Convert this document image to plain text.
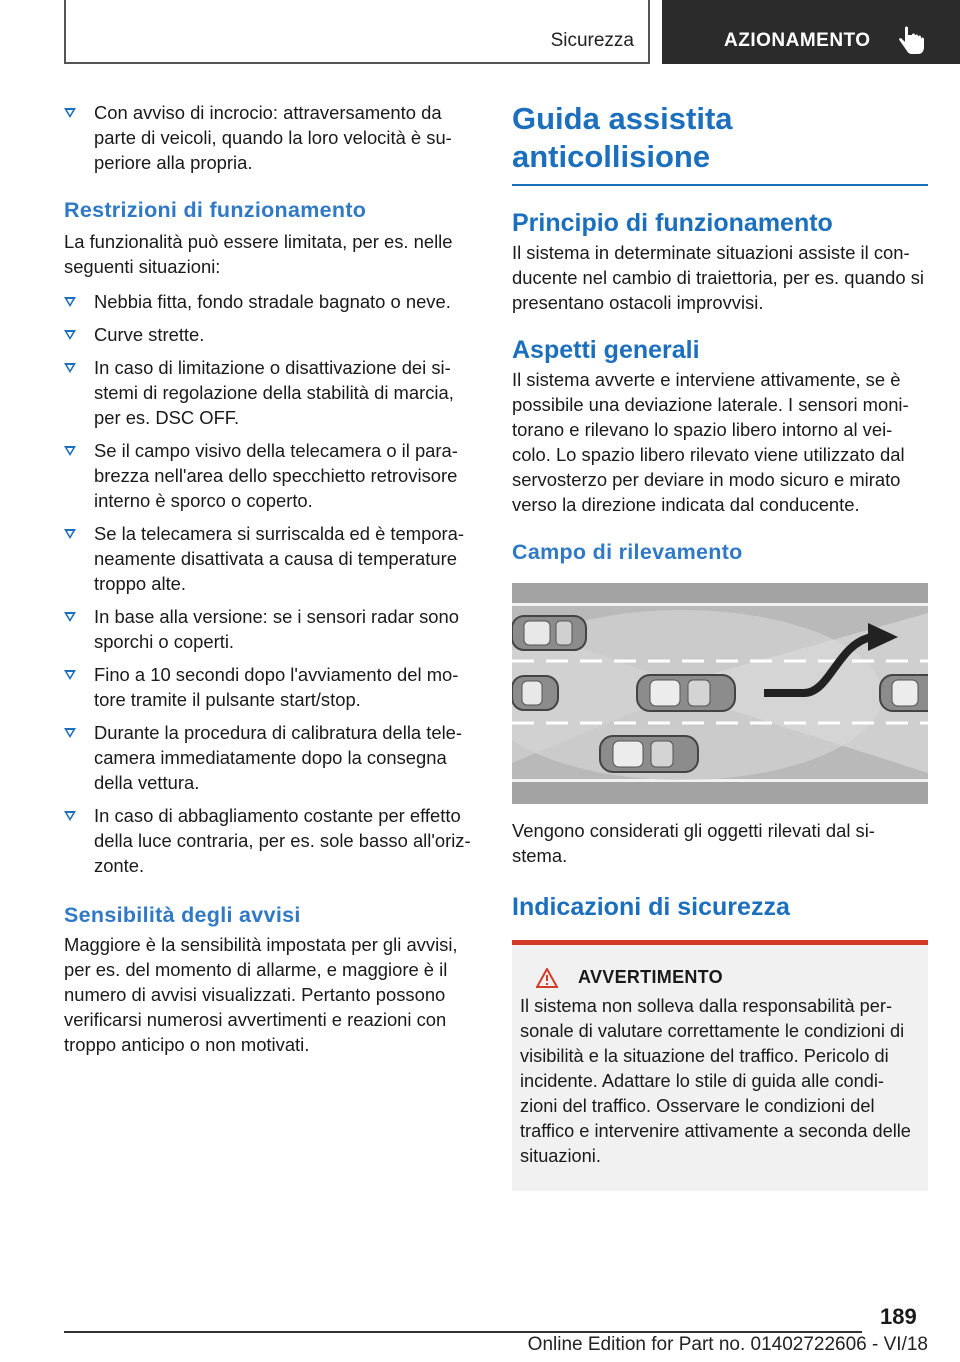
Sicurezza	AZIONAMENTO
Con avviso di incrocio: attraversamento da parte di veicoli, quando la loro velocità è su-periore alla propria.
Restrizioni di funzionamento

La funzionalità può essere limitata, per es. nelle seguenti situazioni:

Nebbia fitta, fondo stradale bagnato o neve.
Curve strette.
In caso di limitazione o disattivazione dei si-stemi di regolazione della stabilità di marcia, per es. DSC OFF.
Se il campo visivo della telecamera o il para-brezza nell'area dello specchietto retrovisore interno è sporco o coperto.
Se la telecamera si surriscalda ed è tempora-neamente disattivata a causa di temperature troppo alte.
In base alla versione: se i sensori radar sono sporchi o coperti.
Fino a 10 secondi dopo l'avviamento del mo-tore tramite il pulsante start/stop.
Durante la procedura di calibratura della tele-camera immediatamente dopo la consegna della vettura.
In caso di abbagliamento costante per effetto della luce contraria, per es. sole basso all'oriz-zonte.
Sensibilità degli avvisi

Maggiore è la sensibilità impostata per gli avvisi, per es. del momento di allarme, e maggiore è il numero di avvisi visualizzati. Pertanto possono verificarsi numerosi avvertimenti e reazioni con troppo anticipo o non motivati.

Guida assistita
anticollisione
Principio di funzionamento

Il sistema in determinate situazioni assiste il con-ducente nel cambio di traiettoria, per es. quando si presentano ostacoli improvvisi.

Aspetti generali

Il sistema avverte e interviene attivamente, se è possibile una deviazione laterale. I sensori moni-torano e rilevano lo spazio libero intorno al vei-colo. Lo spazio libero rilevato viene utilizzato dal servosterzo per deviare in modo sicuro e mirato verso la direzione indicata dal conducente.

Campo di rilevamento

Vengono considerati gli oggetti rilevati dal si-stema.

Indicazioni di sicurezza
AVVERTIMENTO

Il sistema non solleva dalla responsabilità per-sonale di valutare correttamente le condizioni di visibilità e la situazione del traffico. Pericolo di incidente. Adattare lo stile di guida alle condi-zioni del traffico. Osservare le condizioni del traffico e intervenire attivamente a seconda delle situazioni.

189
Online Edition for Part no. 01402722606 - VI/18
